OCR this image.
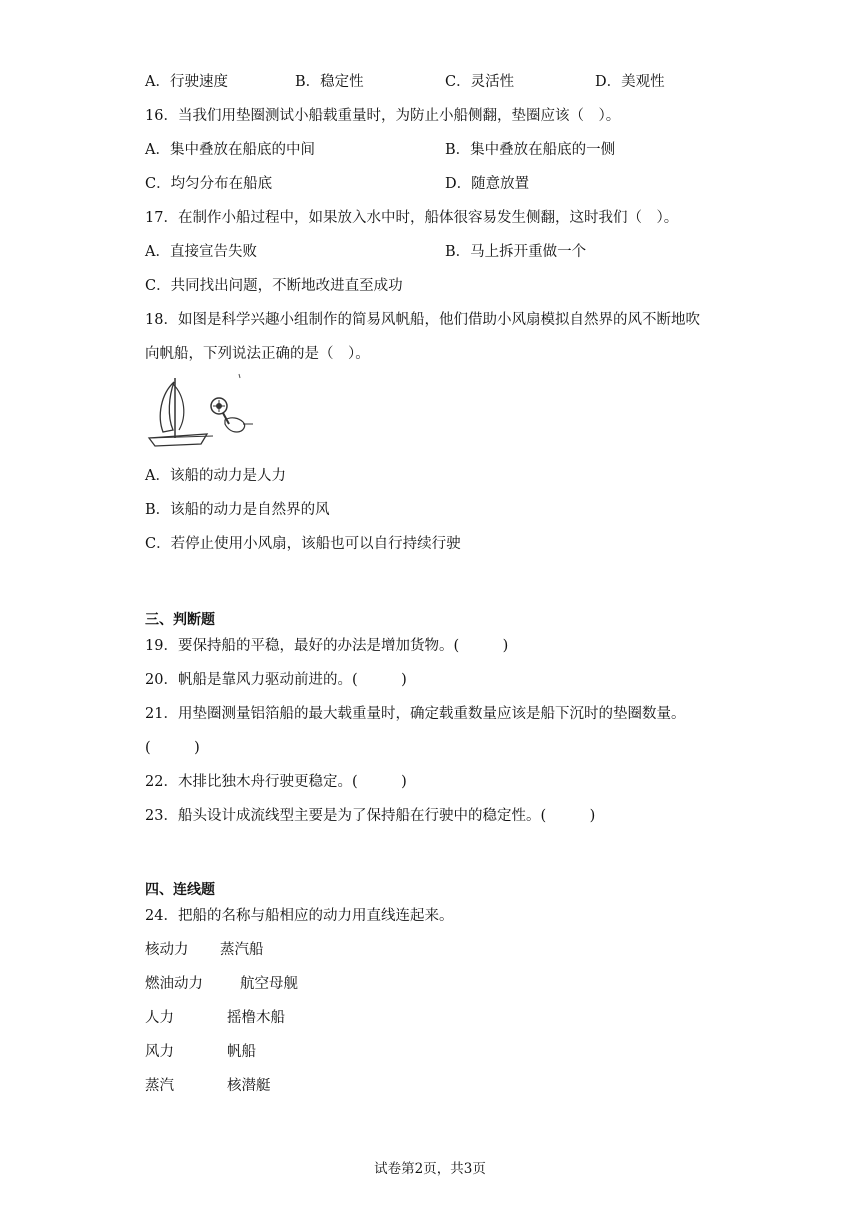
A．行驶速度	B．稳定性	C．灵活性	D．美观性
16．当我们用垫圈测试小船载重量时，为防止小船侧翻，垫圈应该（　）。
A．集中叠放在船底的中间	B．集中叠放在船底的一侧
C．均匀分布在船底	D．随意放置
17．在制作小船过程中，如果放入水中时，船体很容易发生侧翻，这时我们（　）。
A．直接宣告失败	B．马上拆开重做一个
C．共同找出问题，不断地改进直至成功
18．如图是科学兴趣小组制作的简易风帆船，他们借助小风扇模拟自然界的风不断地吹
向帆船，下列说法正确的是（　）。
A．该船的动力是人力
B．该船的动力是自然界的风
C．若停止使用小风扇，该船也可以自行持续行驶
三、判断题
19．要保持船的平稳，最好的办法是增加货物。(　　　)
20．帆船是靠风力驱动前进的。(　　　)
21．用垫圈测量铝箔船的最大载重量时，确定载重数量应该是船下沉时的垫圈数量。
(　　　)
22．木排比独木舟行驶更稳定。(　　　)
23．船头设计成流线型主要是为了保持船在行驶中的稳定性。(　　　)
四、连线题
24．把船的名称与船相应的动力用直线连起来。
核动力 蒸汽船
燃油动力	航空母舰
人力	摇橹木船
风力	帆船
蒸汽	核潜艇
试卷第2页，共3页
